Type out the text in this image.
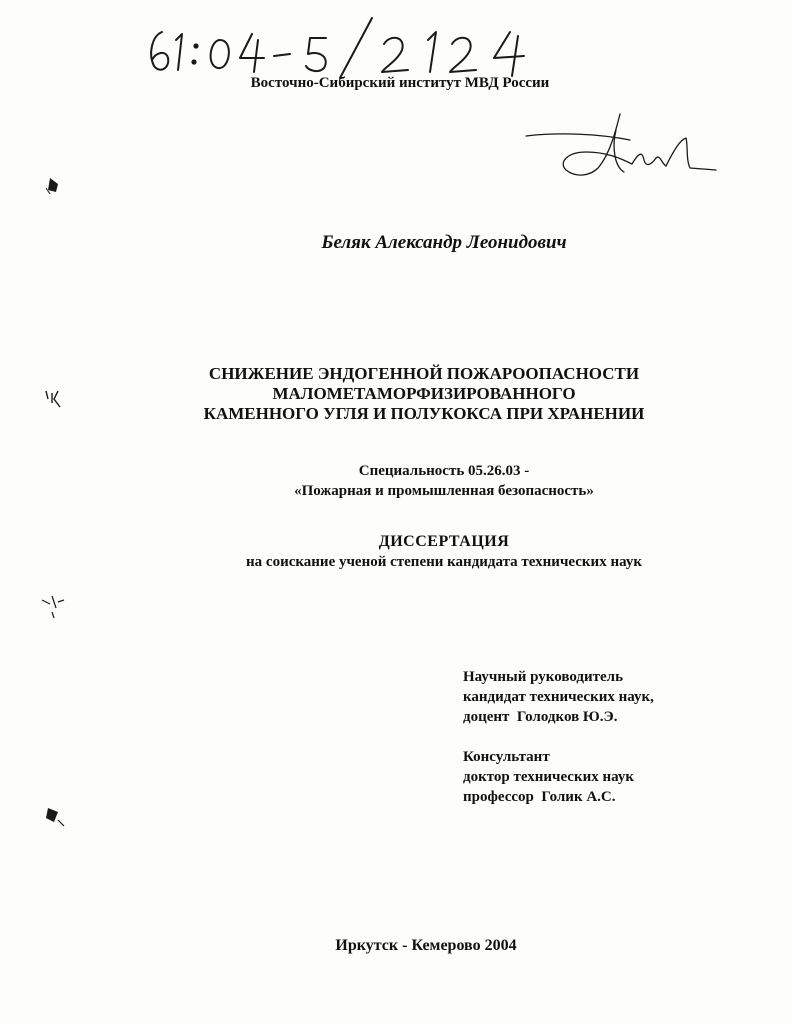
Восточно-Сибирский институт МВД России
Беляк Александр Леонидович
СНИЖЕНИЕ ЭНДОГЕННОЙ ПОЖАРООПАСНОСТИ
МАЛОМЕТАМОРФИЗИРОВАННОГО
КАМЕННОГО УГЛЯ И ПОЛУКОКСА ПРИ ХРАНЕНИИ
Специальность 05.26.03 -
«Пожарная и промышленная безопасность»
ДИССЕРТАЦИЯ
на соискание ученой степени кандидата технических наук
Научный руководитель
кандидат технических наук,
доцент  Голодков Ю.Э.
Консультант
доктор технических наук
профессор  Голик А.С.
Иркутск - Кемерово 2004
